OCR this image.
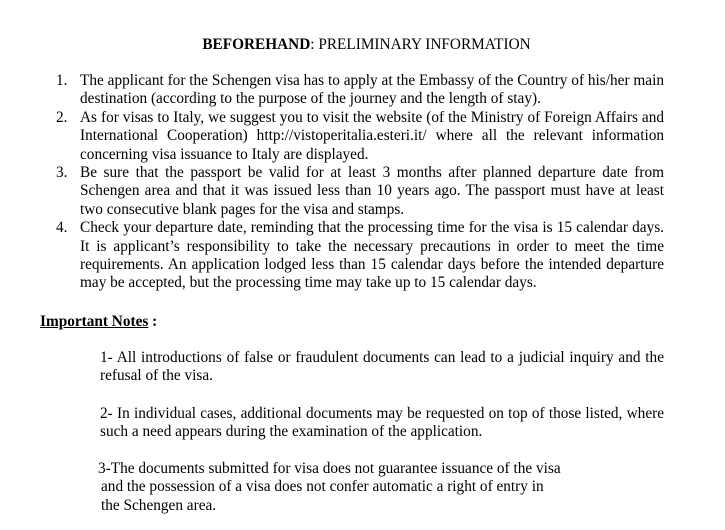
BEFOREHAND: PRELIMINARY INFORMATION
1. The applicant for the Schengen visa has to apply at the Embassy of the Country of his/her main destination (according to the purpose of the journey and the length of stay).
2. As for visas to Italy, we suggest you to visit the website (of the Ministry of Foreign Affairs and International Cooperation) http://vistoperitalia.esteri.it/ where all the relevant information concerning visa issuance to Italy are displayed.
3. Be sure that the passport be valid for at least 3 months after planned departure date from Schengen area and that it was issued less than 10 years ago. The passport must have at least two consecutive blank pages for the visa and stamps.
4. Check your departure date, reminding that the processing time for the visa is 15 calendar days. It is applicant’s responsibility to take the necessary precautions in order to meet the time requirements. An application lodged less than 15 calendar days before the intended departure may be accepted, but the processing time may take up to 15 calendar days.
Important Notes :
1- All introductions of false or fraudulent documents can lead to a judicial inquiry and the refusal of the visa.
2- In individual cases, additional documents may be requested on top of those listed, where such a need appears during the examination of the application.
3-The documents submitted for visa does not guarantee issuance of the visa
and the possession of a visa does not confer automatic a right of entry in
the Schengen area.
